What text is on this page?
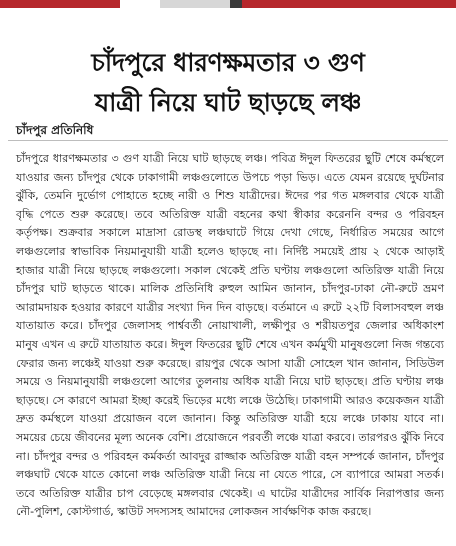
চাঁদপুরে ধারণক্ষমতার ৩ গুণ
যাত্রী নিয়ে ঘাট ছাড়ছে লঞ্চ
চাঁদপুর প্রতিনিধি

চাঁদপুরে ধারণক্ষমতার ৩ গুণ যাত্রী নিয়ে ঘাট ছাড়ছে লঞ্চ। পবিত্র ঈদুল ফিতরের ছুটি শেষে কর্মস্থলে যাওয়ার জন্য চাঁদপুর থেকে ঢাকাগামী লঞ্চগুলোতে উপচে পড়া ভিড়। এতে যেমন রয়েছে দুর্ঘটনার ঝুঁকি, তেমনি দুর্ভোগ পোহাতে হচ্ছে নারী ও শিশু যাত্রীদের। ঈদের পর গত মঙ্গলবার থেকে যাত্রী বৃদ্ধি পেতে শুরু করেছে। তবে অতিরিক্ত যাত্রী বহনের কথা স্বীকার করেননি বন্দর ও পরিবহন কর্তৃপক্ষ। শুক্রবার সকালে মাদ্রাসা রোডস্থ লঞ্চঘাটে গিয়ে দেখা গেছে, নির্ধারিত সময়ের আগে লঞ্চগুলোর স্বাভাবিক নিয়মানুযায়ী যাত্রী হলেও ছাড়ছে না। নির্দিষ্ট সময়েই প্রায় ২ থেকে আড়াই হাজার যাত্রী নিয়ে ছাড়ছে লঞ্চগুলো। সকাল থেকেই প্রতি ঘণ্টায় লঞ্চগুলো অতিরিক্ত যাত্রী নিয়ে চাঁদপুর ঘাট ছাড়তে থাকে। মালিক প্রতিনিধি রুহুল আমিন জানান, চাঁদপুর-ঢাকা নৌ-রুটে ভ্রমণ আরামদায়ক হওয়ার কারণে যাত্রীর সংখ্যা দিন দিন বাড়ছে। বর্তমানে এ রুটে ২২টি বিলাসবহুল লঞ্চ যাতায়াত করে। চাঁদপুর জেলাসহ পার্শ্ববর্তী নোয়াখালী, লক্ষীপুর ও শরীয়তপুর জেলার অধিকাংশ মানুষ এখন এ রুটে যাতায়াত করে। ঈদুল ফিতরের ছুটি শেষে এখন কর্মমুখী মানুষগুলো নিজ গন্তব্যে ফেরার জন্য লঞ্চেই যাওয়া শুরু করেছে। রায়পুর থেকে আসা যাত্রী সোহেল খান জানান, সিডিউল সময়ে ও নিয়মানুযায়ী লঞ্চগুলো আগের তুলনায় অধিক যাত্রী নিয়ে ঘাট ছাড়ছে। প্রতি ঘণ্টায় লঞ্চ ছাড়ছে। সে কারণে আমরা ইচ্ছা করেই ভিড়ের মধ্যে লঞ্চে উঠেছি। ঢাকাগামী আরও কয়েকজন যাত্রী দ্রুত কর্মস্থলে যাওয়া প্রয়োজন বলে জানান। কিন্তু অতিরিক্ত যাত্রী হয়ে লঞ্চে ঢাকায় যাবে না। সময়ের চেয়ে জীবনের মূল্য অনেক বেশি। প্রয়োজনে পরবর্তী লঞ্চে যাত্রা করবে। তারপরও ঝুঁকি নিবে না। চাঁদপুর বন্দর ও পরিবহন কর্মকর্তা আবদুর রাজ্জাক অতিরিক্ত যাত্রী বহন সম্পর্কে জানান, চাঁদপুর লঞ্চঘাট থেকে যাতে কোনো লঞ্চ অতিরিক্ত যাত্রী নিয়ে না যেতে পারে, সে ব্যাপারে আমরা সতর্ক। তবে অতিরিক্ত যাত্রীর চাপ বেড়েছে মঙ্গলবার থেকেই। এ ঘাটের যাত্রীদের সার্বিক নিরাপত্তার জন্য নৌ-পুলিশ, কোস্টগার্ড, স্কাউট সদস্যসহ আমাদের লোকজন সার্বক্ষণিক কাজ করছে।
